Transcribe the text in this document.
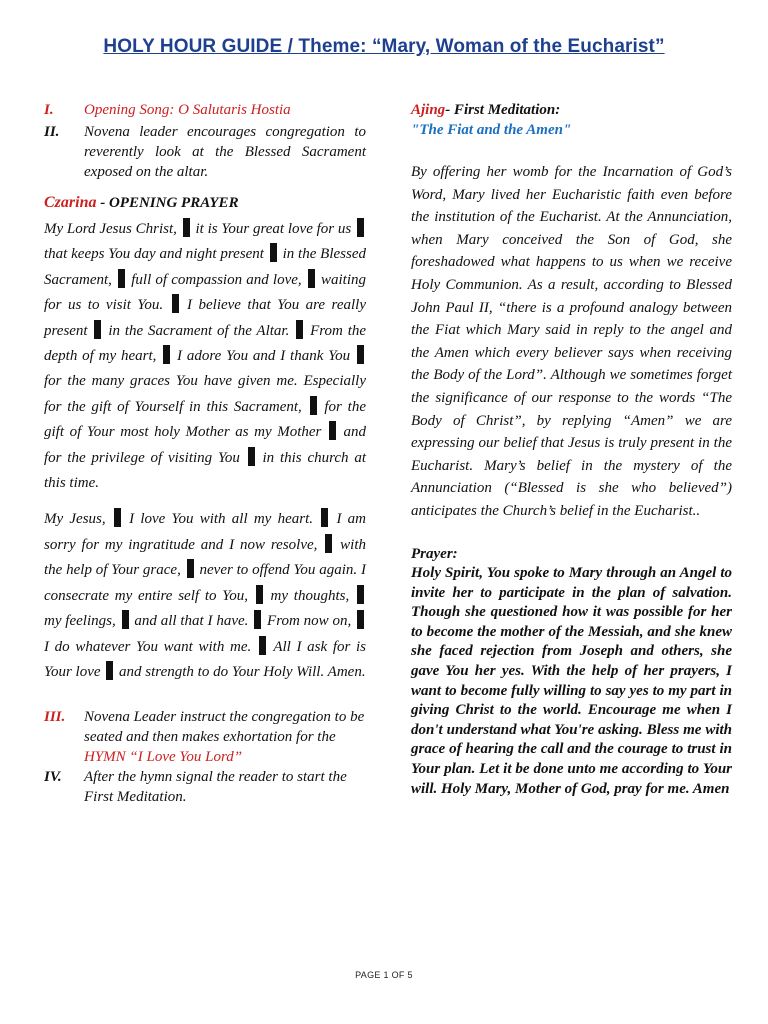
HOLY HOUR GUIDE / Theme: “Mary, Woman of the Eucharist”
I.	Opening Song: O Salutaris Hostia
II.	Novena leader encourages congregation to reverently look at the Blessed Sacrament exposed on the altar.
Czarina - OPENING PRAYER

My Lord Jesus Christ, it is Your great love for us  that keeps You day and night present in the Blessed Sacrament, full of compassion and love, waiting for us to visit You. I believe that You are really present in the Sacrament of the Altar. From the depth of my heart, I adore You and I thank You  for the many graces You have given me. Especially for the gift of Yourself in this Sacrament, for the gift of Your most holy Mother as my Mother and for the privilege of visiting You in this church at this time.

My Jesus, I love You with all my heart. I am sorry for my ingratitude and I now resolve, with the help of Your grace, never to offend You again. I consecrate my entire self to You, my thoughts,  my feelings, and all that I have. From now on,  I do whatever You want with me. All I ask for is Your love and strength to do Your Holy Will. Amen.

III.	Novena Leader instruct the congregation to be seated and then makes exhortation for the HYMN “I Love You Lord”
IV.	After the hymn signal the reader to start the First Meditation.
Ajing- First Meditation:
"The Fiat and the Amen"
By offering her womb for the Incarnation of God’s Word, Mary lived her Eucharistic faith even before the institution of the Eucharist. At the Annunciation, when Mary conceived the Son of God, she foreshadowed what happens to us when we receive Holy Communion. As a result, according to Blessed John Paul II, “there is a profound analogy between the Fiat which Mary said in reply to the angel and the Amen which every believer says when receiving the Body of the Lord”. Although we sometimes forget the significance of our response to the words “The Body of Christ”, by replying “Amen” we are expressing our belief that Jesus is truly present in the Eucharist. Mary’s belief in the mystery of the Annunciation (“Blessed is she who believed”) anticipates the Church’s belief in the Eucharist..
Prayer:
Holy Spirit, You spoke to Mary through an Angel to invite her to participate in the plan of salvation. Though she questioned how it was possible for her to become the mother of the Messiah, and she knew she faced rejection from Joseph and others, she gave You her yes. With the help of her prayers, I want to become fully willing to say yes to my part in giving Christ to the world. Encourage me when I don't understand what You're asking. Bless me with grace of hearing the call and the courage to trust in Your plan. Let it be done unto me according to Your will. Holy Mary, Mother of God, pray for me. Amen
PAGE 1 OF 5
